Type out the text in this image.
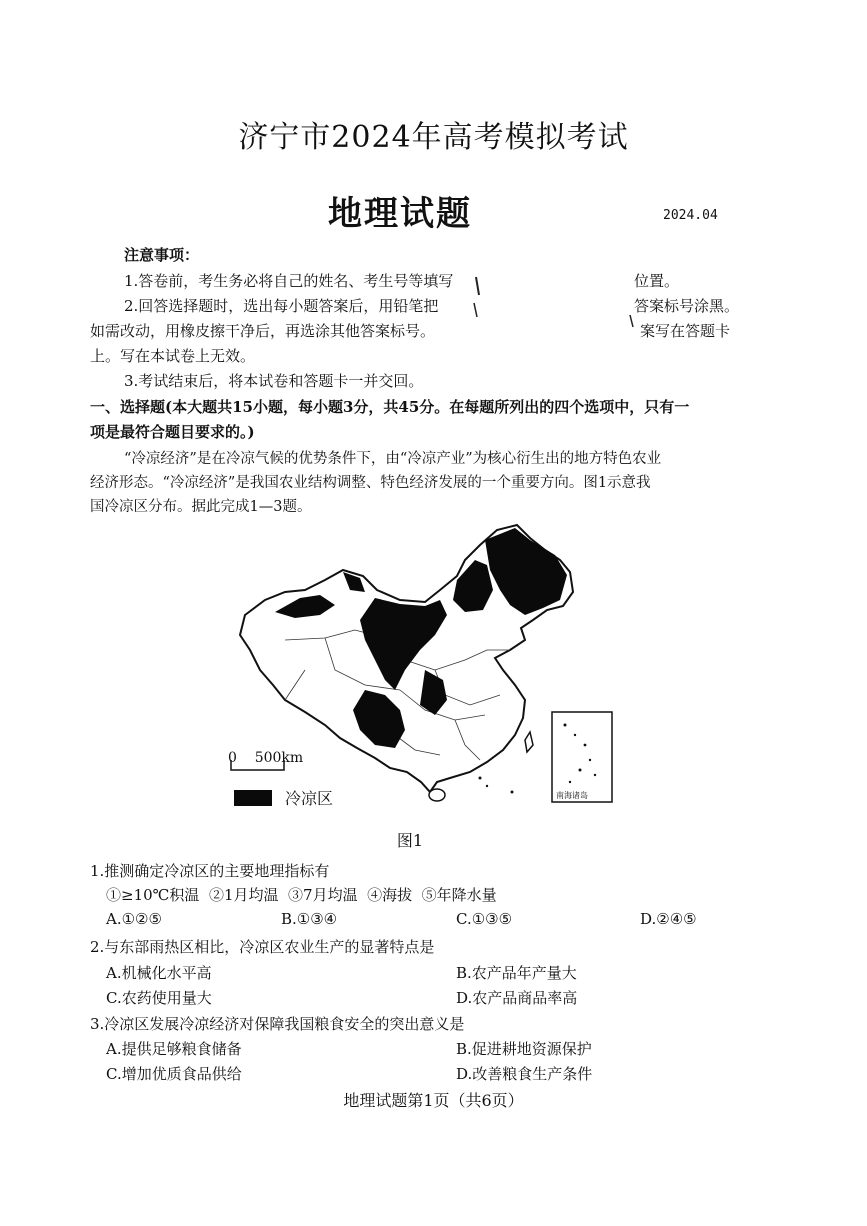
济宁市2024年高考模拟考试
地理试题	2024.04
注意事项：
1.答卷前，考生务必将自己的姓名、考生号等填写	位置。
2.回答选择题时，选出每小题答案后，用铅笔把	答案标号涂黑。
如需改动，用橡皮擦干净后，再选涂其他答案标号。	案写在答题卡
上。写在本试卷上无效。
3.考试结束后，将本试卷和答题卡一并交回。
一、选择题(本大题共15小题，每小题3分，共45分。在每题所列出的四个选项中，只有一
项是最符合题目要求的。)
“冷凉经济”是在冷凉气候的优势条件下，由“冷凉产业”为核心衍生出的地方特色农业
经济形态。“冷凉经济”是我国农业结构调整、特色经济发展的一个重要方向。图1示意我
国冷凉区分布。据此完成1—3题。
南海诸岛
0    500km
冷凉区
图1
1.推测确定冷凉区的主要地理指标有
①≥10℃积温  ②1月均温  ③7月均温  ④海拔  ⑤年降水量
A.①②⑤	B.①③④	C.①③⑤	D.②④⑤
2.与东部雨热区相比，冷凉区农业生产的显著特点是
A.机械化水平高	B.农产品年产量大
C.农药使用量大	D.农产品商品率高
3.冷凉区发展冷凉经济对保障我国粮食安全的突出意义是
A.提供足够粮食储备	B.促进耕地资源保护
C.增加优质食品供给	D.改善粮食生产条件
地理试题第1页（共6页）
